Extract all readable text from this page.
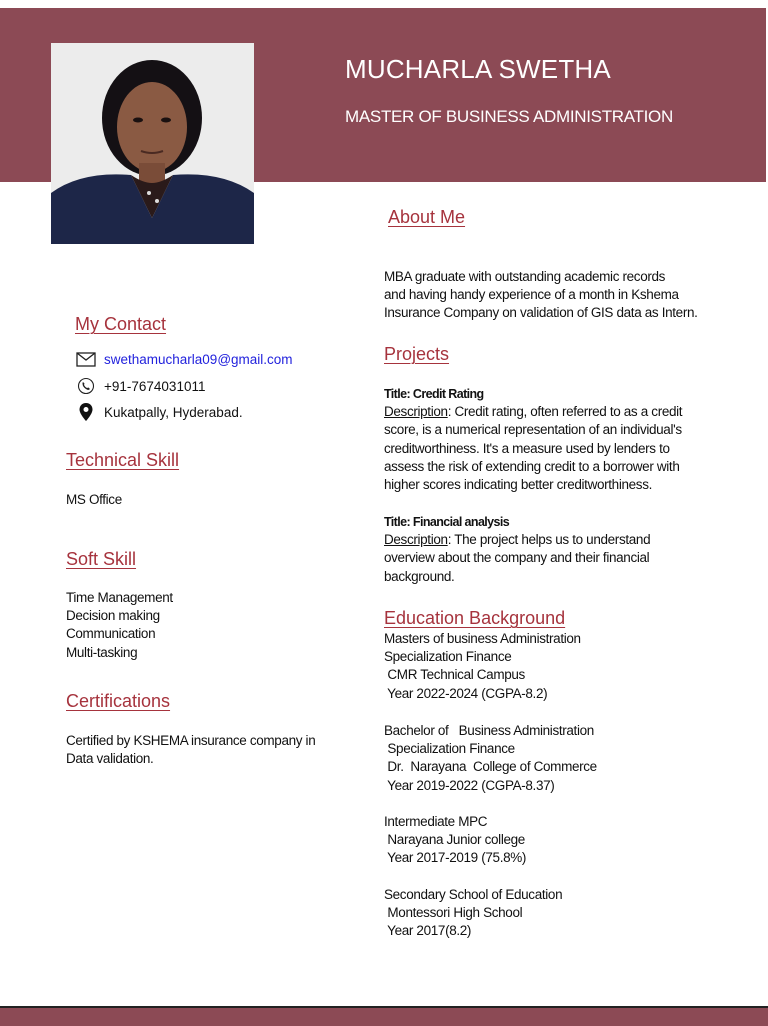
MUCHARLA SWETHA
MASTER OF BUSINESS ADMINISTRATION
About Me
MBA graduate with outstanding academic records
and having handy experience of a month in Kshema
Insurance Company on validation of GIS data as Intern.
My Contact
swethamucharla09@gmail.com
+91-7674031011
Kukatpally, Hyderabad.
Technical Skill
MS Office
Soft Skill
Time Management
Decision making
Communication
Multi-tasking
Certifications
Certified by KSHEMA insurance company in
Data validation.
Projects
Title: Credit Rating
Description: Credit rating, often referred to as a credit
score, is a numerical representation of an individual's
creditworthiness. It's a measure used by lenders to
assess the risk of extending credit to a borrower with
higher scores indicating better creditworthiness.
Title: Financial analysis
Description: The project helps us to understand
overview about the company and their financial
background.
Education Background
Masters of business Administration
Specialization Finance
CMR Technical Campus
Year 2022-2024 (CGPA-8.2)
Bachelor of   Business Administration
Specialization Finance
Dr.  Narayana  College of Commerce
Year 2019-2022 (CGPA-8.37)
Intermediate MPC
Narayana Junior college
Year 2017-2019 (75.8%)
Secondary School of Education
Montessori High School
Year 2017(8.2)
